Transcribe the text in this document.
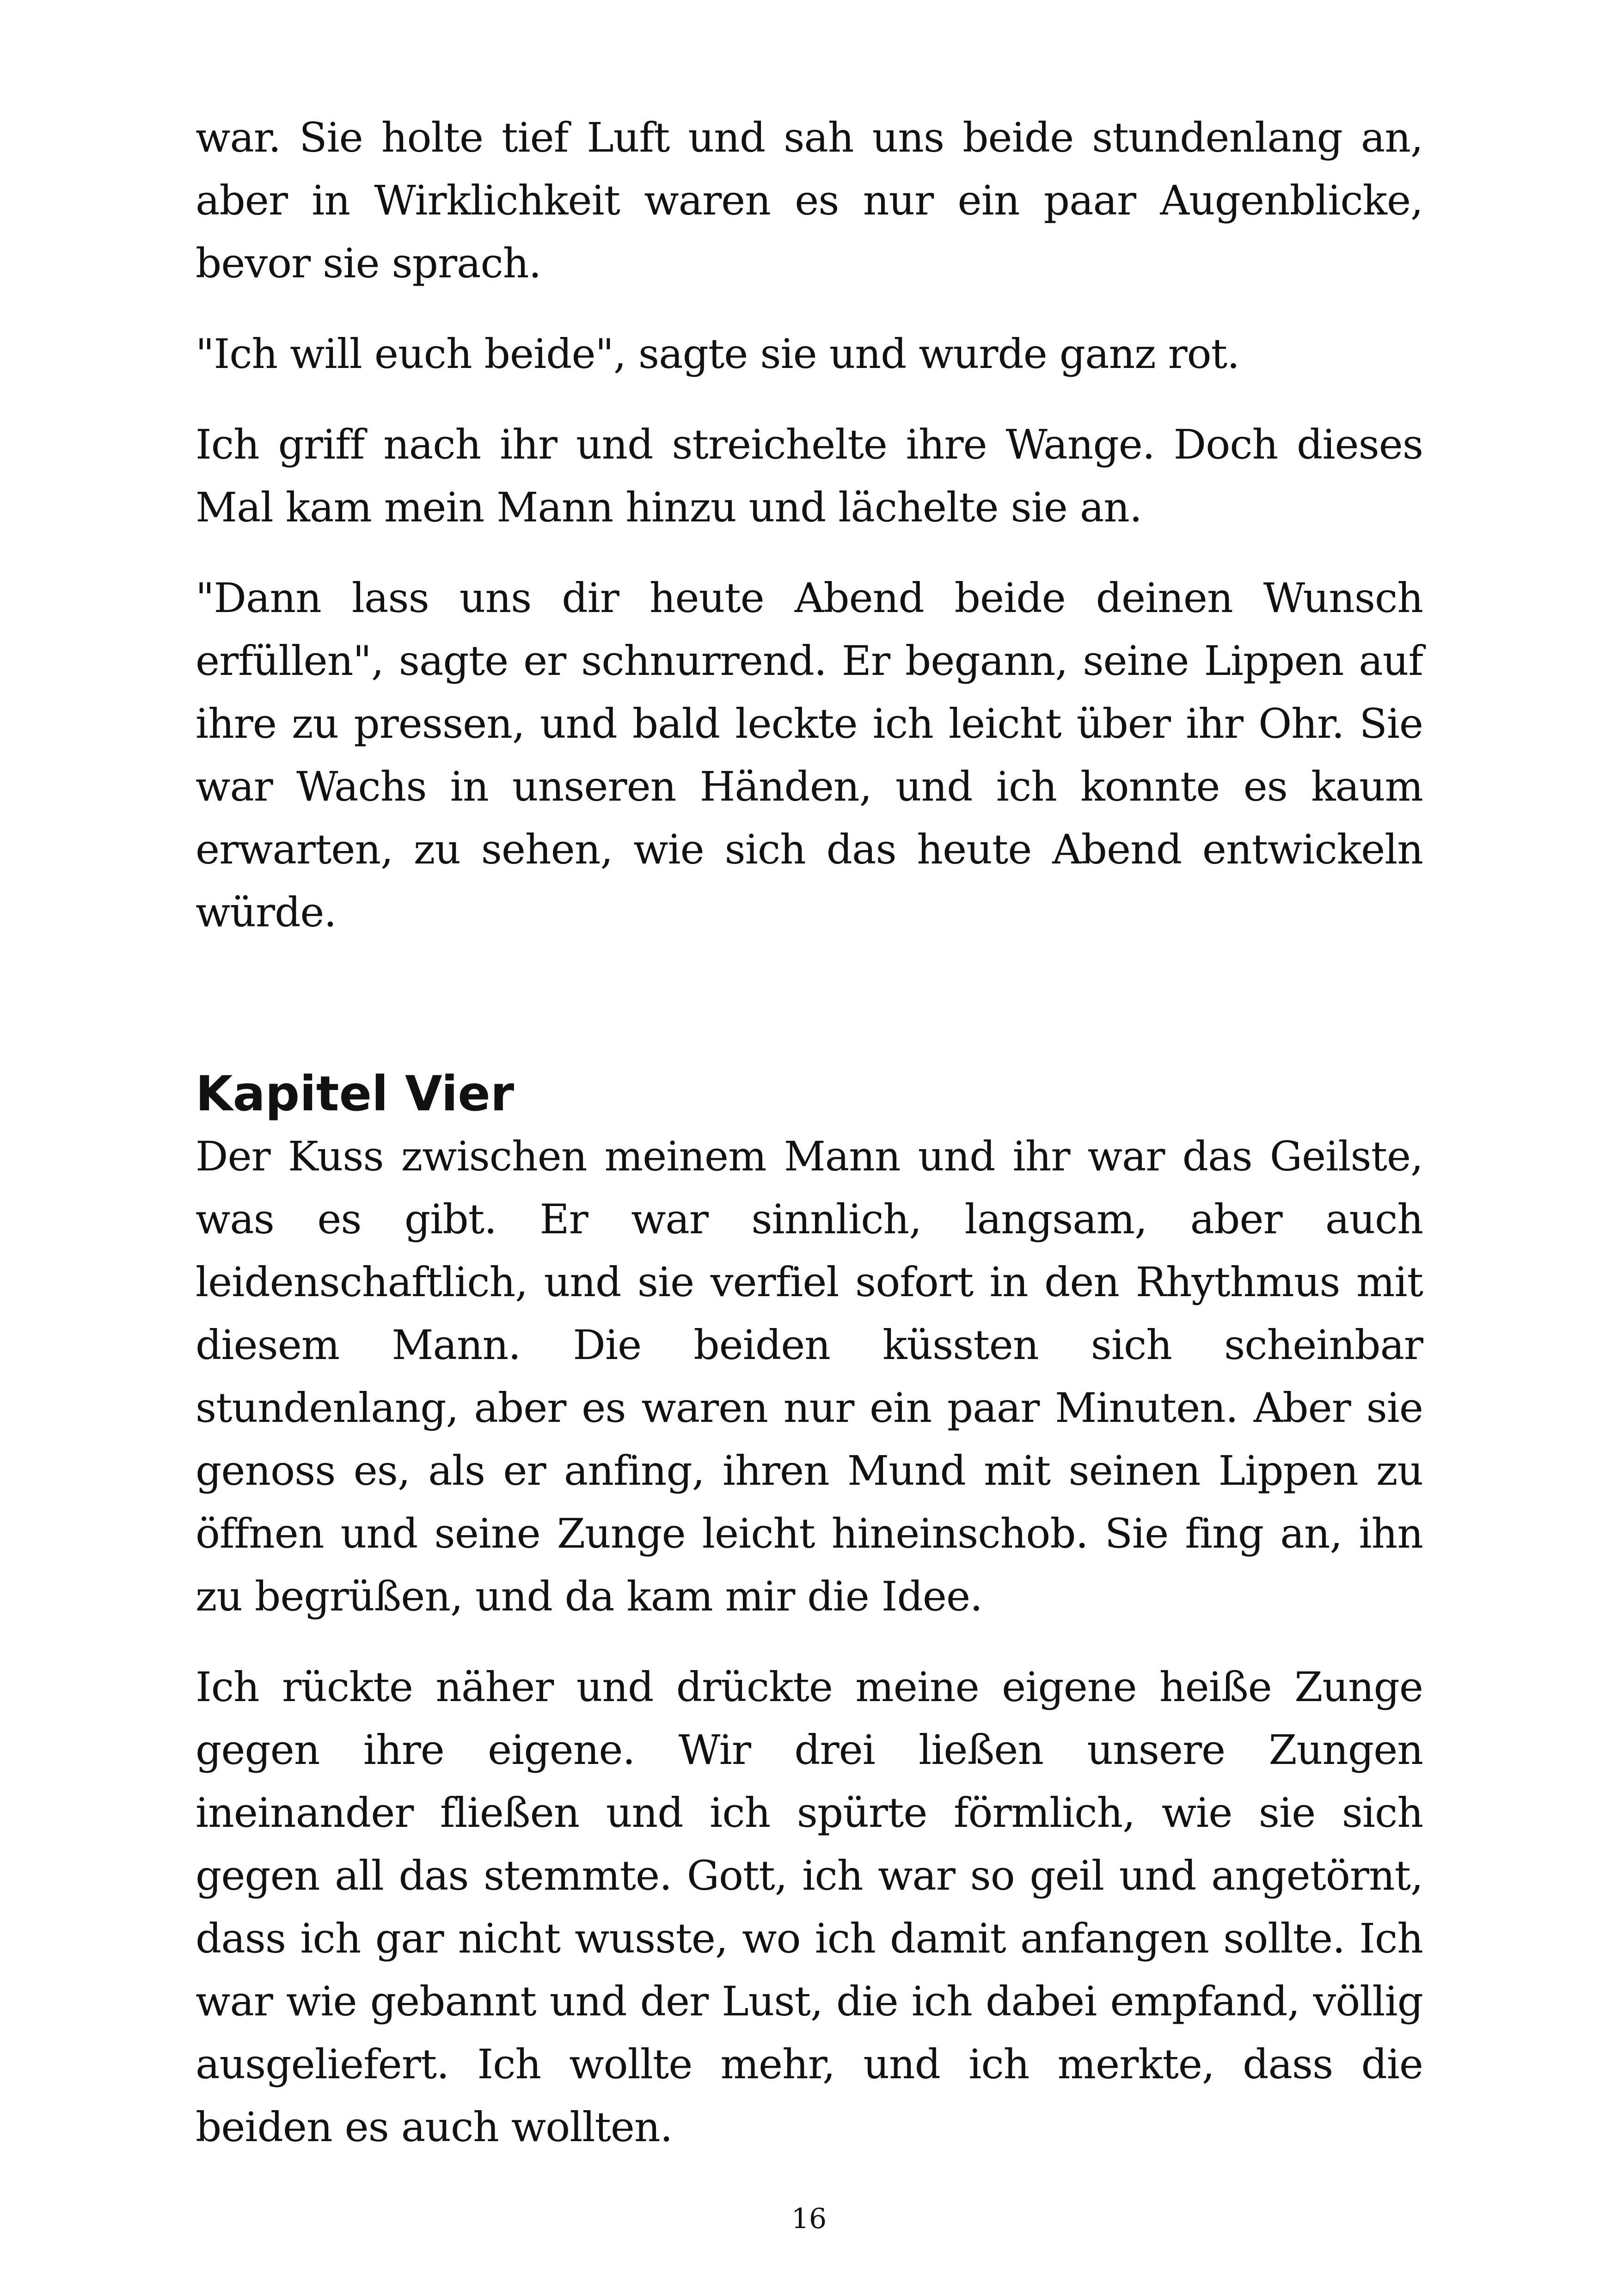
war. Sie holte tief Luft und sah uns beide stundenlang an, aber in Wirklichkeit waren es nur ein paar Augenblicke, bevor sie sprach.

"Ich will euch beide", sagte sie und wurde ganz rot.

Ich griff nach ihr und streichelte ihre Wange. Doch dieses Mal kam mein Mann hinzu und lächelte sie an.

"Dann lass uns dir heute Abend beide deinen Wunsch erfüllen", sagte er schnurrend. Er begann, seine Lippen auf ihre zu pressen, und bald leckte ich leicht über ihr Ohr. Sie war Wachs in unseren Händen, und ich konnte es kaum erwarten, zu sehen, wie sich das heute Abend entwickeln würde.

Kapitel Vier

Der Kuss zwischen meinem Mann und ihr war das Geilste, was es gibt. Er war sinnlich, langsam, aber auch leidenschaftlich, und sie verfiel sofort in den Rhythmus mit diesem Mann. Die beiden küssten sich scheinbar stundenlang, aber es waren nur ein paar Minuten. Aber sie genoss es, als er anfing, ihren Mund mit seinen Lippen zu öffnen und seine Zunge leicht hineinschob. Sie fing an, ihn zu begrüßen, und da kam mir die Idee.

Ich rückte näher und drückte meine eigene heiße Zunge gegen ihre eigene. Wir drei ließen unsere Zungen ineinander fließen und ich spürte förmlich, wie sie sich gegen all das stemmte. Gott, ich war so geil und angetörnt, dass ich gar nicht wusste, wo ich damit anfangen sollte. Ich war wie gebannt und der Lust, die ich dabei empfand, völlig ausgeliefert. Ich wollte mehr, und ich merkte, dass die beiden es auch wollten.

16
